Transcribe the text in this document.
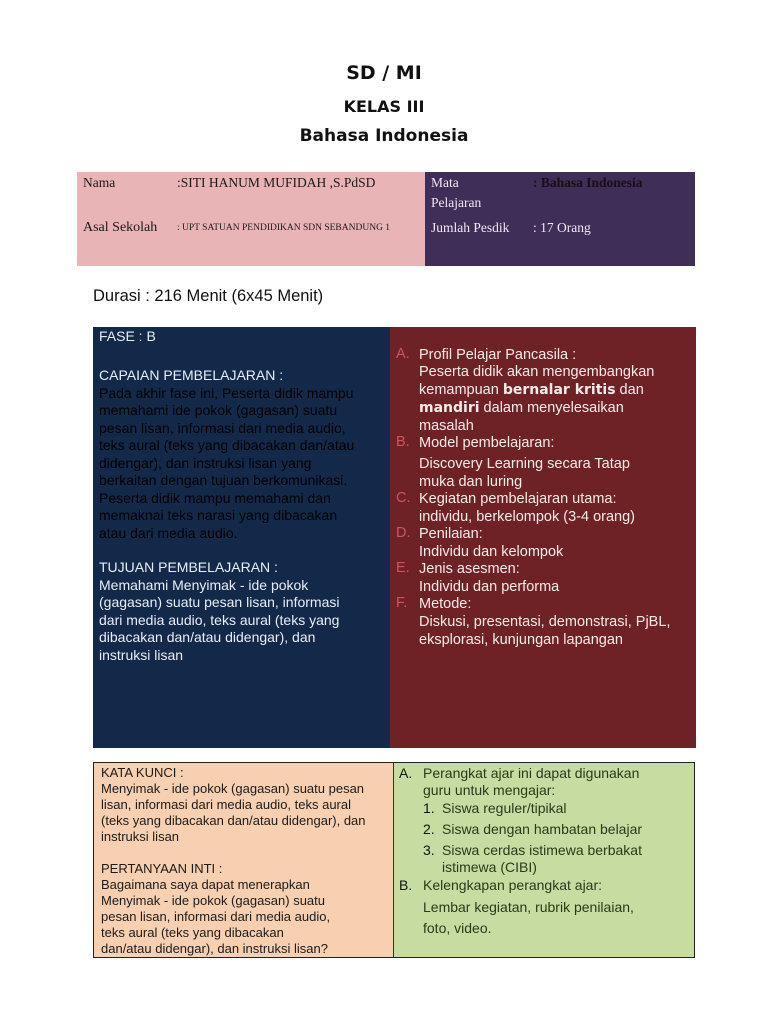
SD / MI
KELAS III
Bahasa Indonesia
Nama	:SITI HANUM MUFIDAH ,S.PdSD
Asal Sekolah : UPT SATUAN PENDIDIKAN SDN SEBANDUNG 1
Mata
Pelajaran
: Bahasa Indonesia
Jumlah Pesdik : 17 Orang
Durasi : 216 Menit (6x45 Menit)
FASE : B
CAPAIAN PEMBELAJARAN :
Pada akhir fase ini, Peserta didik mampu
memahami ide pokok (gagasan) suatu
pesan lisan, informasi dari media audio,
teks aural (teks yang dibacakan dan/atau
didengar), dan instruksi lisan yang
berkaitan dengan tujuan berkomunikasi.
Peserta didik mampu memahami dan
memaknai teks narasi yang dibacakan
atau dari media audio.
TUJUAN PEMBELAJARAN :
Memahami Menyimak - ide pokok
(gagasan) suatu pesan lisan, informasi
dari media audio, teks aural (teks yang
dibacakan dan/atau didengar), dan
instruksi lisan
A.
B.
C.
D.
E.
F.
Profil Pelajar Pancasila :
Peserta didik akan mengembangkan
kemampuan bernalar kritis dan
mandiri dalam menyelesaikan
masalah
Model pembelajaran:
Discovery Learning secara Tatap
muka dan luring
Kegiatan pembelajaran utama:
individu, berkelompok (3-4 orang)
Penilaian:
Individu dan kelompok
Jenis asesmen:
Individu dan performa
Metode:
Diskusi, presentasi, demonstrasi, PjBL,
eksplorasi, kunjungan lapangan
KATA KUNCI :
Menyimak - ide pokok (gagasan) suatu pesan
lisan, informasi dari media audio, teks aural
(teks yang dibacakan dan/atau didengar), dan
instruksi lisan
PERTANYAAN INTI :
Bagaimana saya dapat menerapkan
Menyimak - ide pokok (gagasan) suatu
pesan lisan, informasi dari media audio,
teks aural (teks yang dibacakan
dan/atau didengar), dan instruksi lisan?
A. Perangkat ajar ini dapat digunakan
guru untuk mengajar:
1. Siswa reguler/tipikal
2. Siswa dengan hambatan belajar
3. Siswa cerdas istimewa berbakat
istimewa (CIBI)
B. Kelengkapan perangkat ajar:
Lembar kegiatan, rubrik penilaian,
foto, video.
